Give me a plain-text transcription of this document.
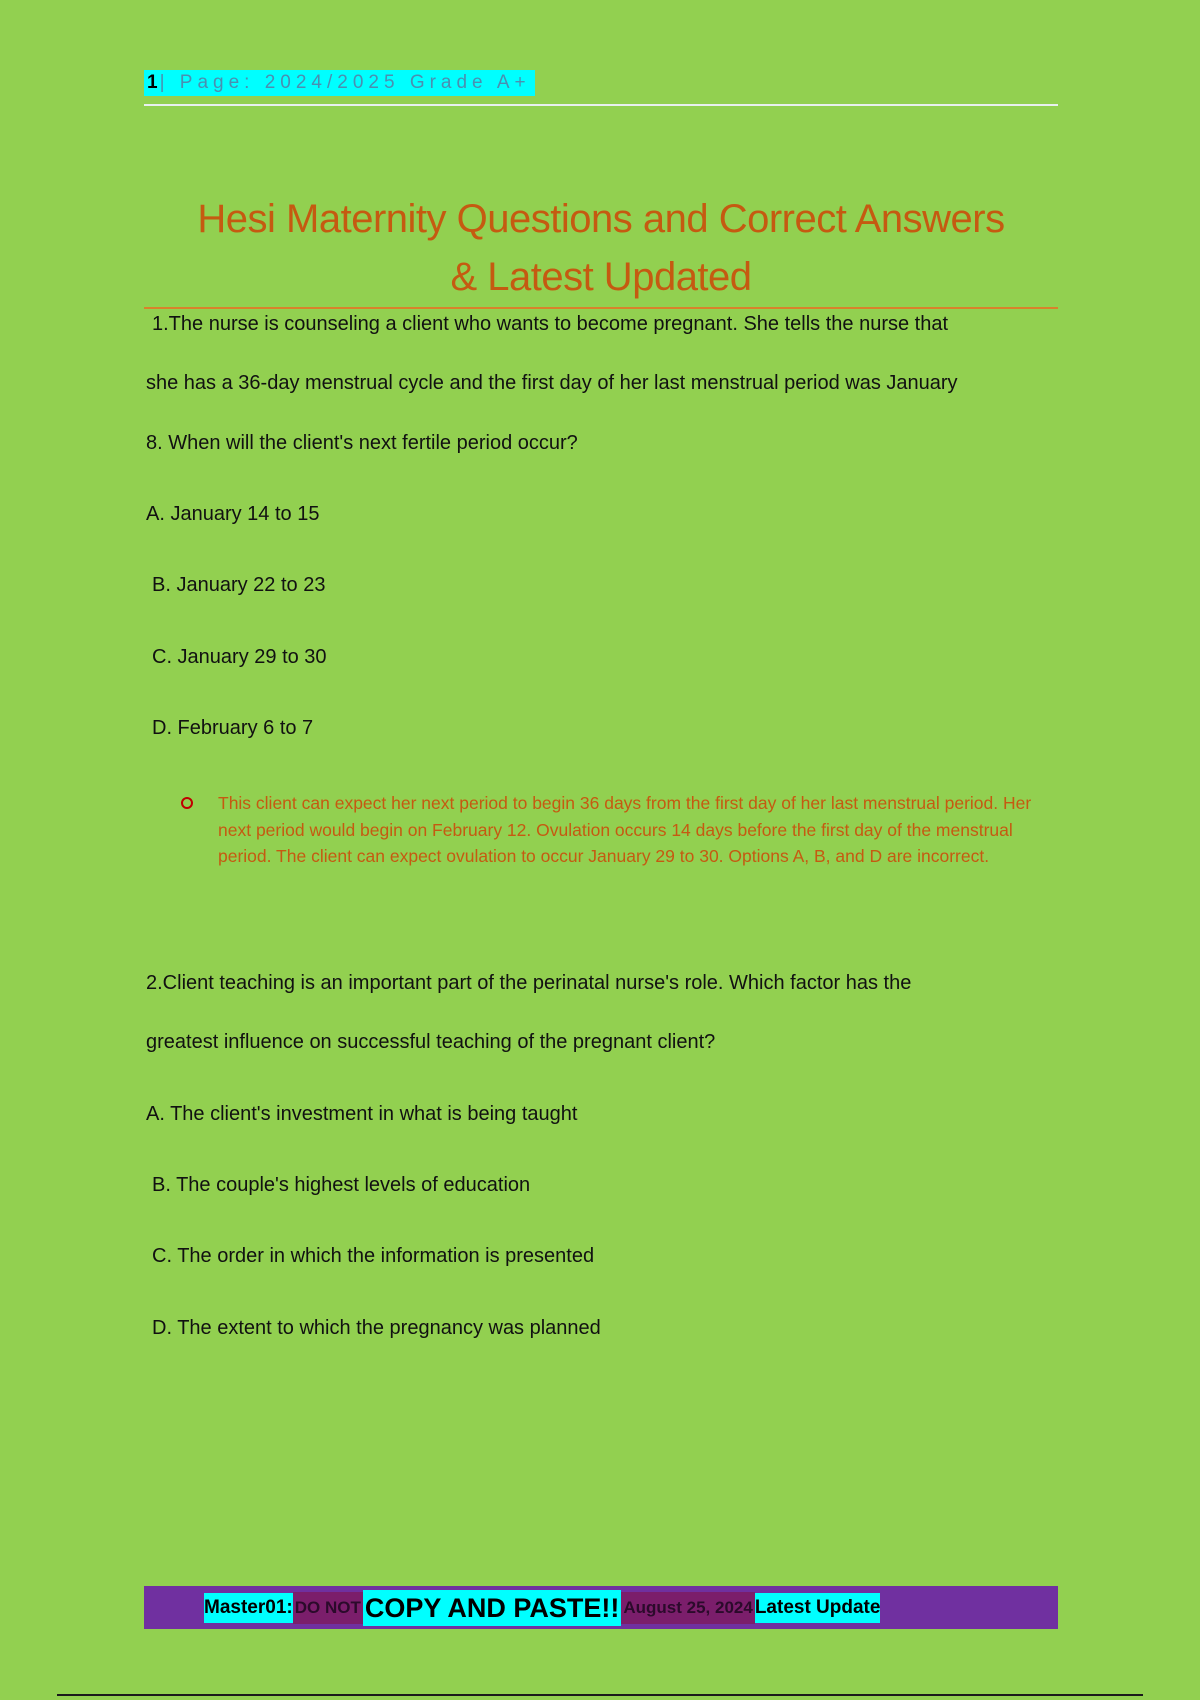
1| Page: 2024/2025 Grade A+
Hesi Maternity Questions and Correct Answers
& Latest Updated
1.The nurse is counseling a client who wants to become pregnant. She tells the nurse that
she has a 36-day menstrual cycle and the first day of her last menstrual period was January
8. When will the client's next fertile period occur?
A. January 14 to 15
B. January 22 to 23
C. January 29 to 30
D. February 6 to 7
This client can expect her next period to begin 36 days from the first day of her last menstrual period. Her next period would begin on February 12. Ovulation occurs 14 days before the first day of the menstrual period. The client can expect ovulation to occur January 29 to 30. Options A, B, and D are incorrect.
2.Client teaching is an important part of the perinatal nurse's role. Which factor has the
greatest influence on successful teaching of the pregnant client?
A. The client's investment in what is being taught
B. The couple's highest levels of education
C. The order in which the information is presented
D. The extent to which the pregnancy was planned
Master01: DO NOT COPY AND PASTE!! August 25, 2024 Latest Update
